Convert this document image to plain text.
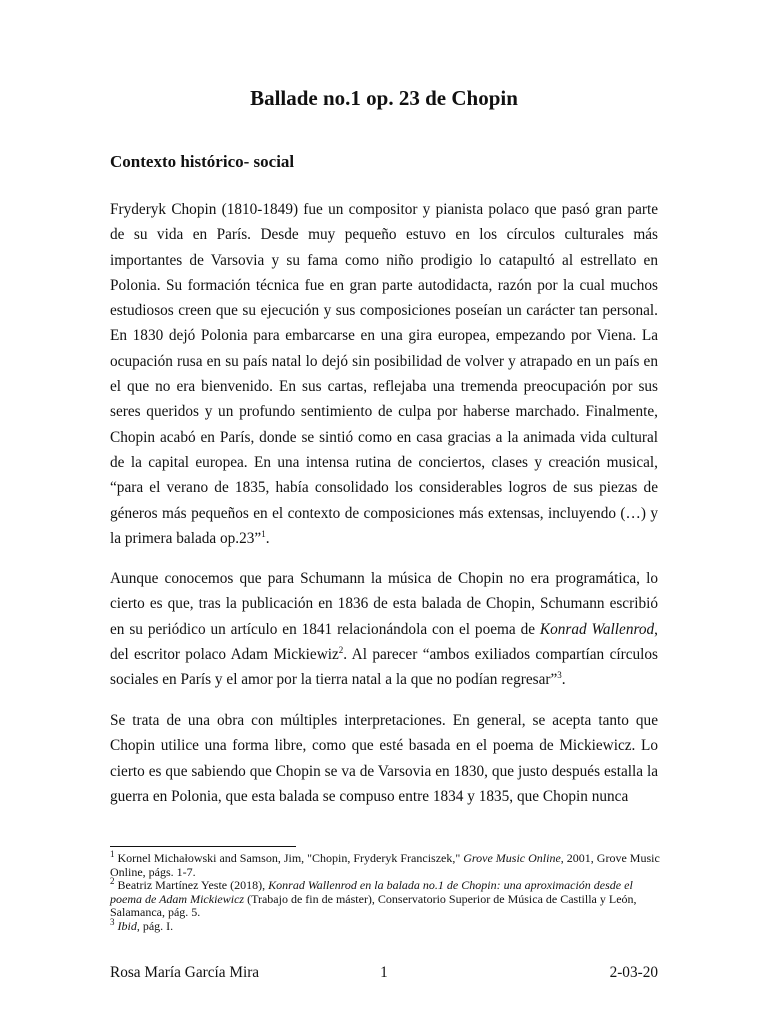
Ballade no.1 op. 23 de Chopin
Contexto histórico- social

Fryderyk Chopin (1810-1849) fue un compositor y pianista polaco que pasó gran parte de su vida en París. Desde muy pequeño estuvo en los círculos culturales más importantes de Varsovia y su fama como niño prodigio lo catapultó al estrellato en Polonia. Su formación técnica fue en gran parte autodidacta, razón por la cual muchos estudiosos creen que su ejecución y sus composiciones poseían un carácter tan personal. En 1830 dejó Polonia para embarcarse en una gira europea, empezando por Viena. La ocupación rusa en su país natal lo dejó sin posibilidad de volver y atrapado en un país en el que no era bienvenido. En sus cartas, reflejaba una tremenda preocupación por sus seres queridos y un profundo sentimiento de culpa por haberse marchado. Finalmente, Chopin acabó en París, donde se sintió como en casa gracias a la animada vida cultural de la capital europea. En una intensa rutina de conciertos, clases y creación musical, “para el verano de 1835, había consolidado los considerables logros de sus piezas de géneros más pequeños en el contexto de composiciones más extensas, incluyendo (…) y la primera balada op.23”$^1$.

Aunque conocemos que para Schumann la música de Chopin no era programática, lo cierto es que, tras la publicación en 1836 de esta balada de Chopin, Schumann escribió en su periódico un artículo en 1841 relacionándola con el poema de Konrad Wallenrod, del escritor polaco Adam Mickiewiz$^2$. Al parecer “ambos exiliados compartían círculos sociales en París y el amor por la tierra natal a la que no podían regresar”$^3$.

Se trata de una obra con múltiples interpretaciones. En general, se acepta tanto que Chopin utilice una forma libre, como que esté basada en el poema de Mickiewicz. Lo cierto es que sabiendo que Chopin se va de Varsovia en 1830, que justo después estalla la guerra en Polonia, que esta balada se compuso entre 1834 y 1835, que Chopin nunca

$^1$ Kornel Michałowski and Samson, Jim, "Chopin, Fryderyk Franciszek," Grove Music Online, 2001, Grove Music Online, págs. 1-7.

$^2$ Beatriz Martínez Yeste (2018), Konrad Wallenrod en la balada no.1 de Chopin: una aproximación desde el poema de Adam Mickiewicz (Trabajo de fin de máster), Conservatorio Superior de Música de Castilla y León, Salamanca, pág. 5.

$^3$ Ibid, pág. I.

Rosa María García Mira	1	2-03-20
